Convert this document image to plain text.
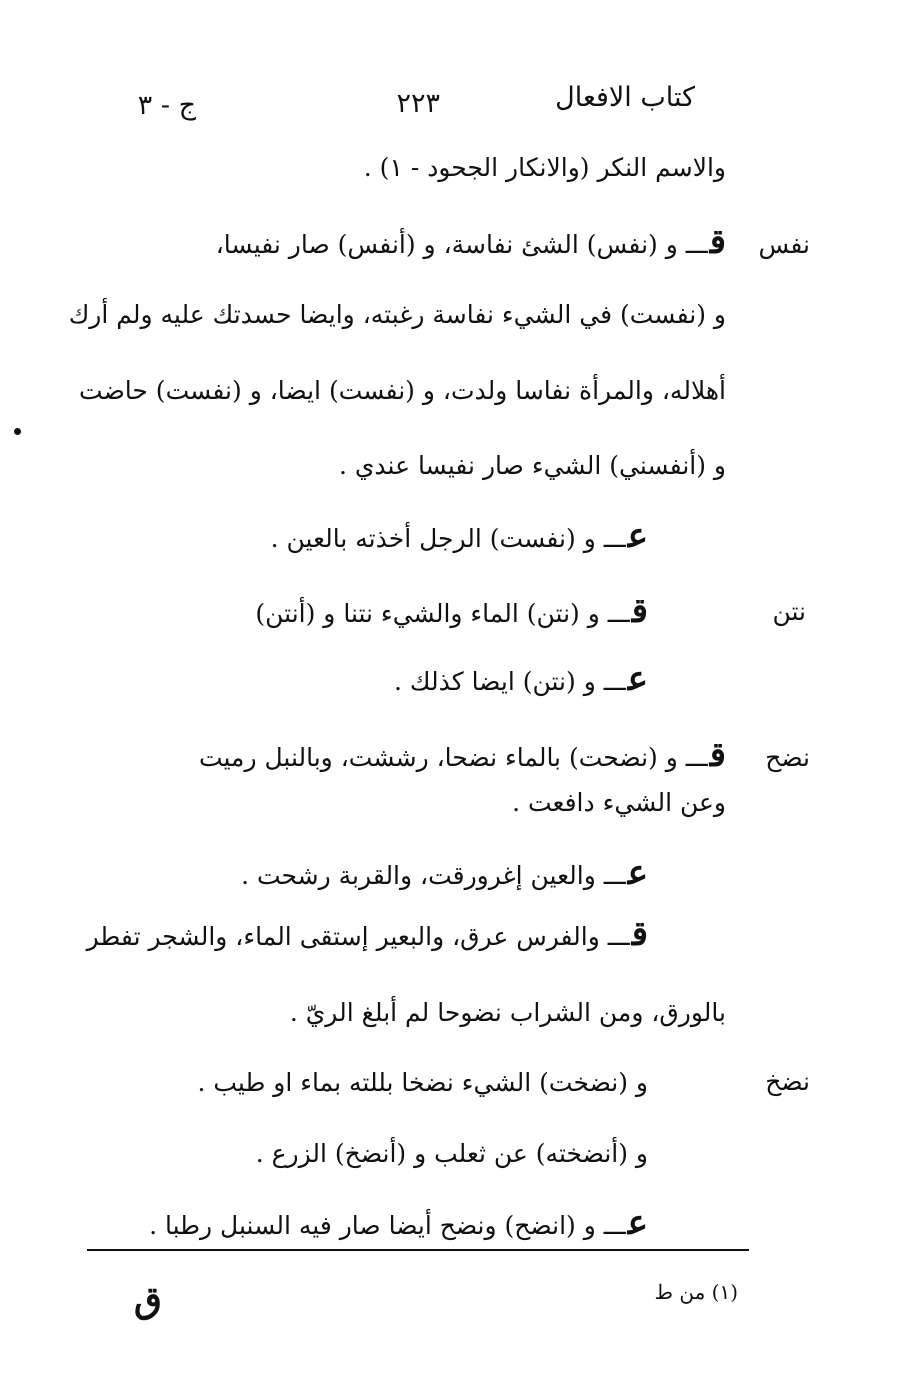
كتاب الافعال
٢٢٣
ج - ٣
والاسم النكر (والانكار الجحود - ١) .
قـــ و (نفس) الشئ نفاسة، و (أنفس) صار نفيسا،
و (نفست) في الشيء نفاسة رغبته، وايضا حسدتك عليه ولم أرك
أهلاله، والمرأة نفاسا ولدت، و (نفست) ايضا، و (نفست) حاضت
و (أنفسني) الشيء صار نفيسا عندي .
عـــ و (نفست) الرجل أخذته بالعين .
قـــ و (نتن) الماء والشيء نتنا و (أنتن)
عـــ و (نتن) ايضا كذلك .
قـــ و (نضحت) بالماء نضحا، رششت، وبالنبل رميت
وعن الشيء دافعت .
عـــ والعين إغرورقت، والقربة رشحت .
قـــ والفرس عرق، والبعير إستقى الماء، والشجر تفطر
بالورق، ومن الشراب نضوحا لم أبلغ الريّ .
و (نضخت) الشيء نضخا بللته بماء او طيب .
و (أنضخته) عن ثعلب و (أنضخ) الزرع .
عـــ و (انضح) ونضح أيضا صار فيه السنبل رطبا .
نفس
نتن
نضح
نضخ
(١) من ط
ق
